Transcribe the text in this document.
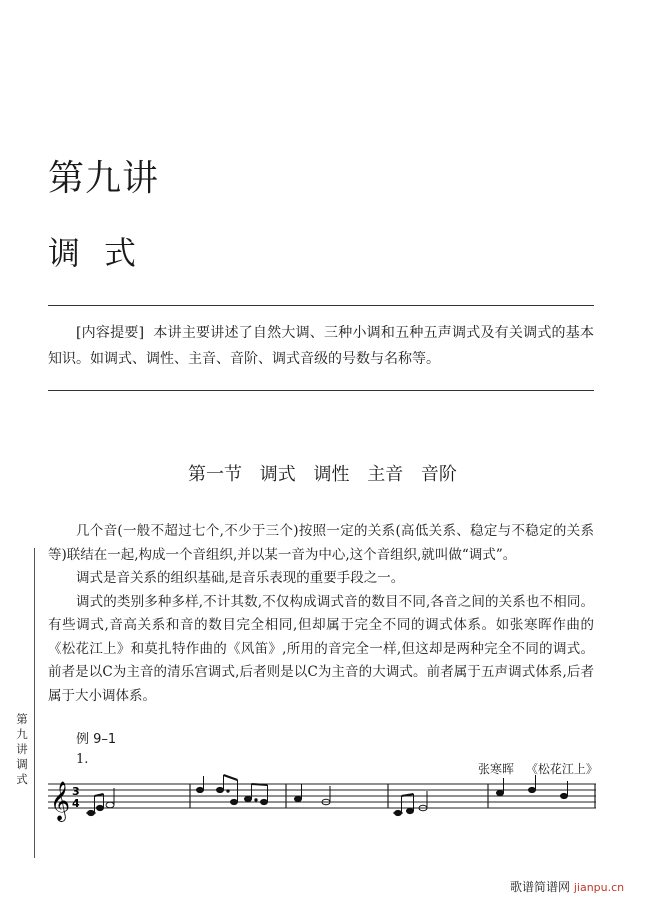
第九讲
调式
[内容提要] 本讲主要讲述了自然大调、三种小调和五种五声调式及有关调式的基本知识。如调式、调性、主音、音阶、调式音级的号数与名称等。
第一节 调式 调性 主音 音阶
第九讲 调 式

几个音(一般不超过七个,不少于三个)按照一定的关系(高低关系、稳定与不稳定的关系等)联结在一起,构成一个音组织,并以某一音为中心,这个音组织,就叫做“调式”。

调式是音关系的组织基础,是音乐表现的重要手段之一。

调式的类别多种多样,不计其数,不仅构成调式音的数目不同,各音之间的关系也不相同。有些调式,音高关系和音的数目完全相同,但却属于完全不同的调式体系。如张寒晖作曲的《松花江上》和莫扎特作曲的《风笛》,所用的音完全一样,但这却是两种完全不同的调式。前者是以C为主音的清乐宫调式,后者则是以C为主音的大调式。前者属于五声调式体系,后者属于大小调体系。

例 9–1
1.
张寒晖 《松花江上》
𝄞 3
4
歌谱简谱网 jianpu.cn
